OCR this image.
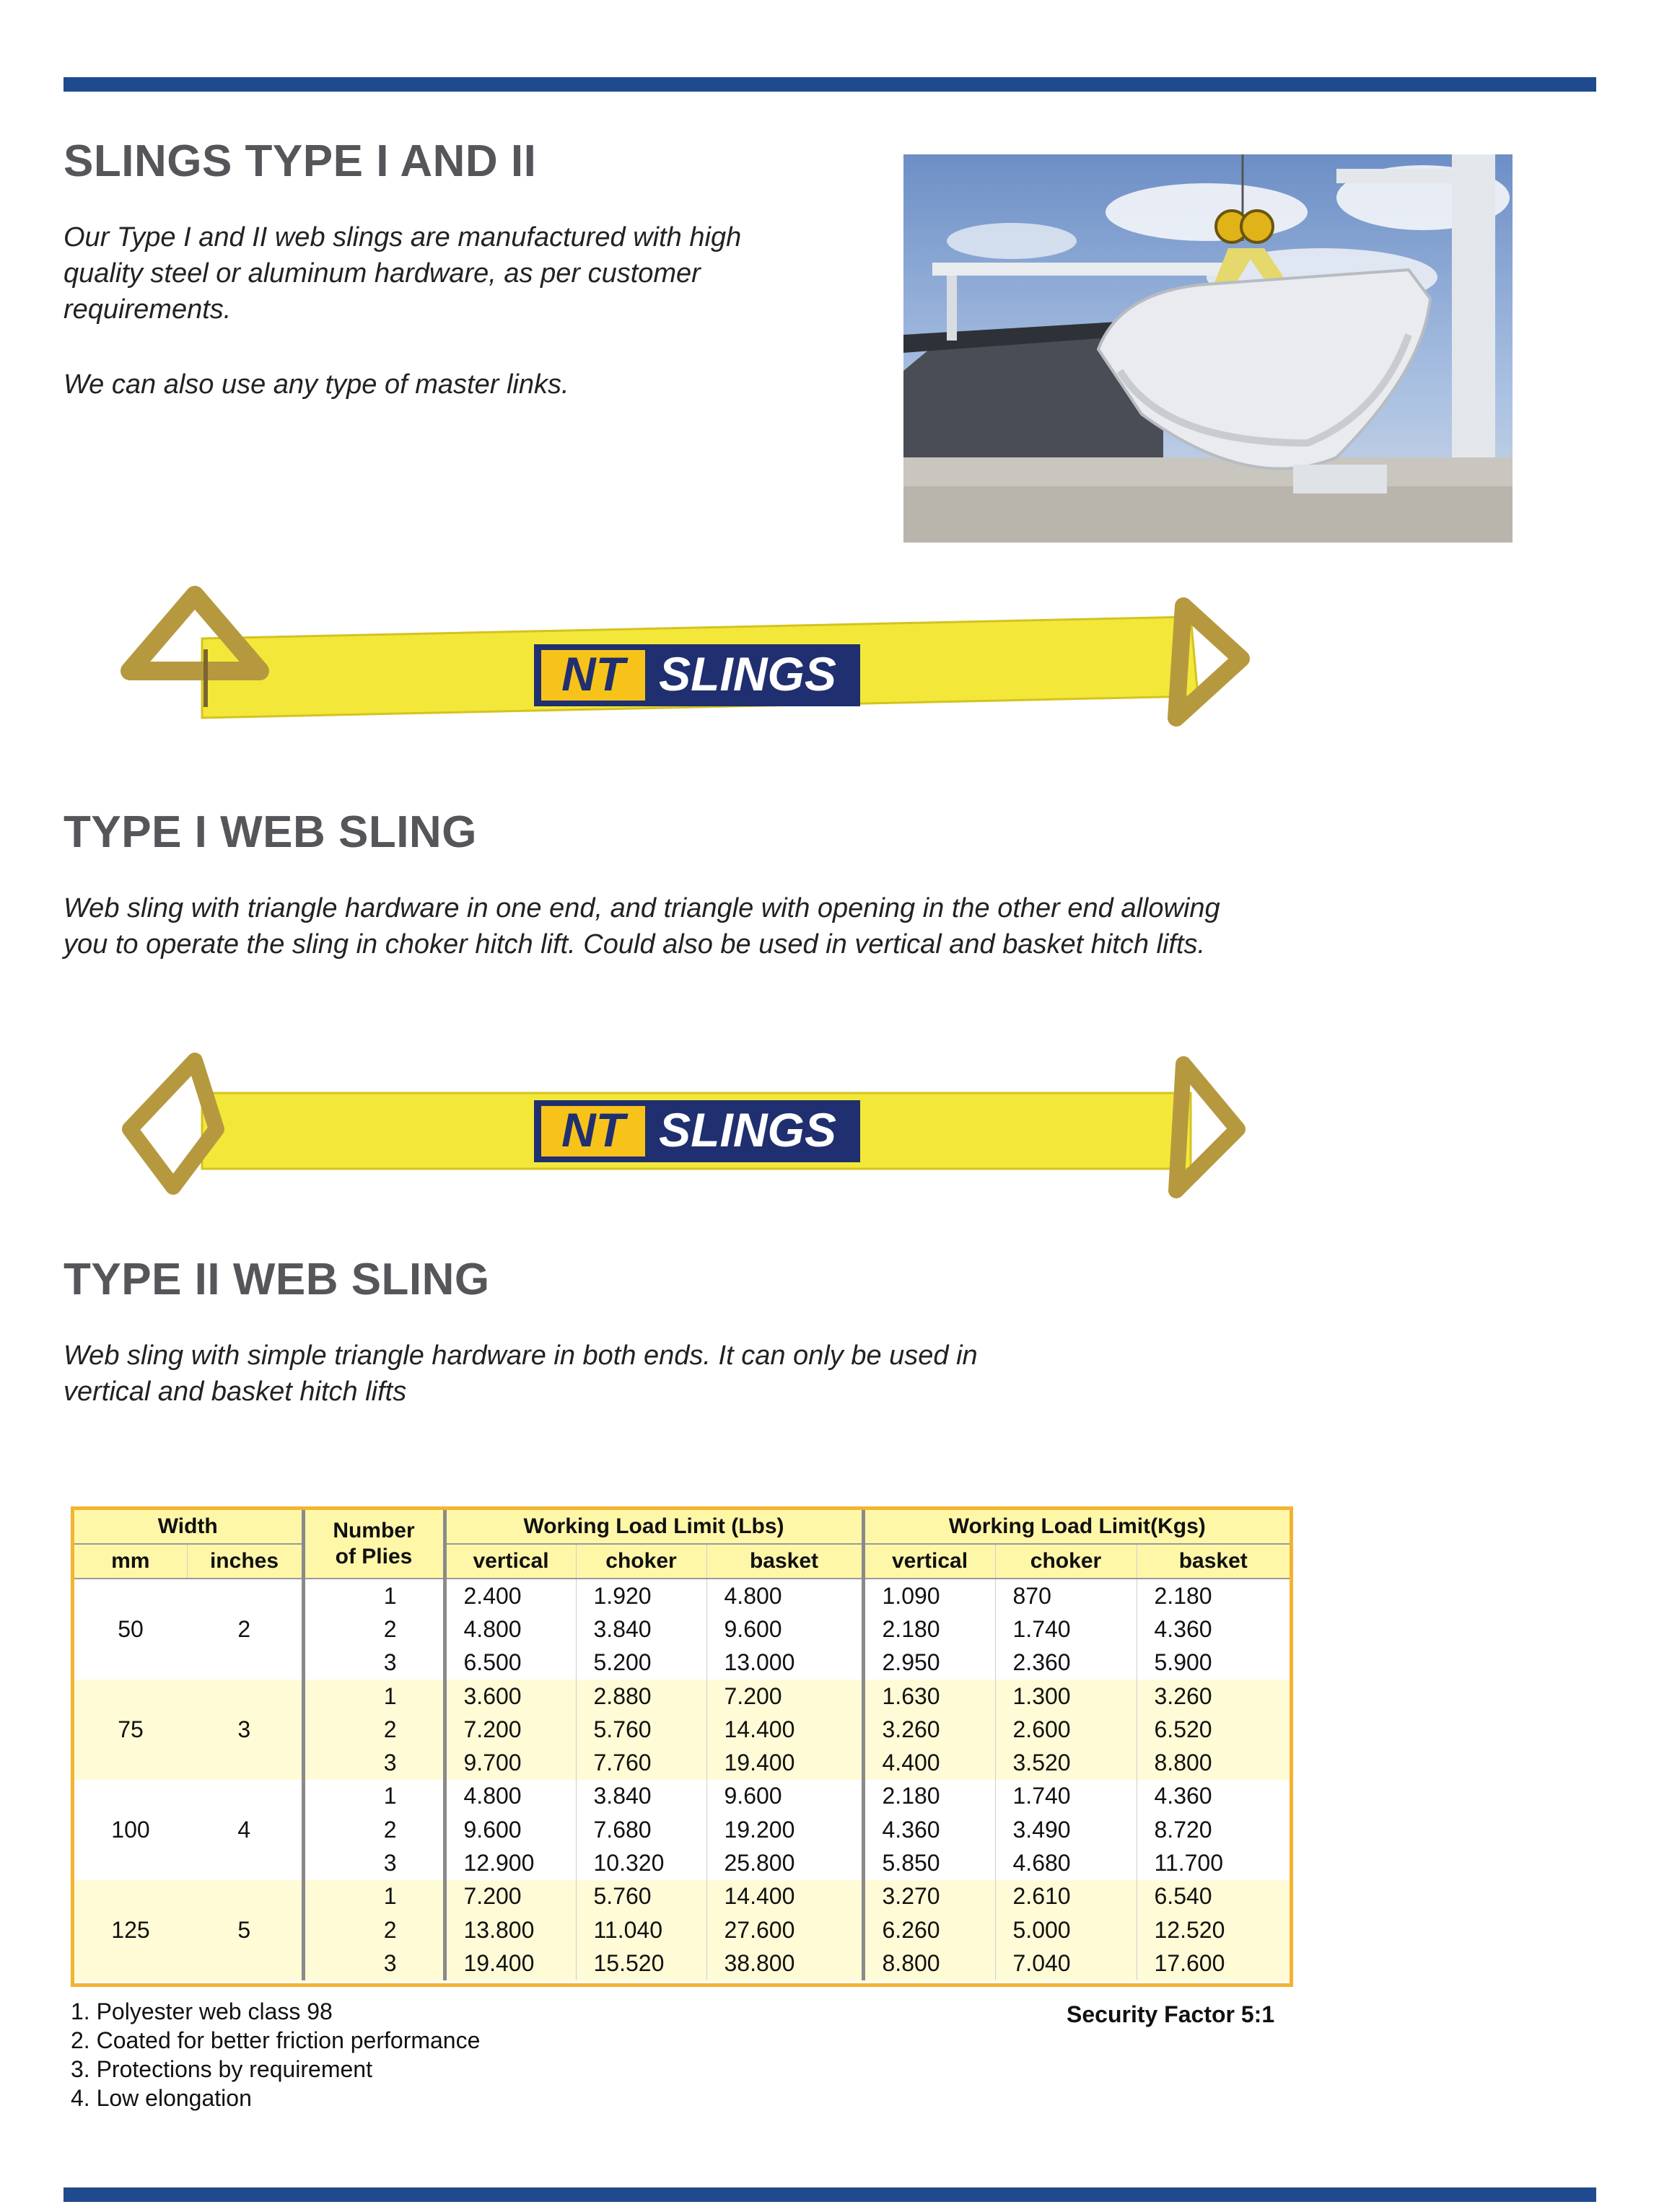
SLINGS TYPE I AND II

Our Type I and II web slings are manufactured with high
quality steel or aluminum hardware, as per customer
requirements.

We can also use any type of master links.

NT SLINGS
TYPE I WEB SLING

Web sling with triangle hardware in one end, and triangle with opening in the other end allowing
you to operate the sling in choker hitch lift. Could also be used in vertical and basket hitch lifts.

NT SLINGS
TYPE II WEB SLING

Web sling with simple triangle hardware in both ends. It can only be used in
vertical and basket hitch lifts

Width		Number of Plies	Working Load Limit (Lbs)			Working Load Limit(Kgs)		
mm	inches		vertical	choker	basket	vertical	choker	basket
50	2	1	2.400	1.920	4.800	1.090	870	2.180
		2	4.800	3.840	9.600	2.180	1.740	4.360
		3	6.500	5.200	13.000	2.950	2.360	5.900
75	3	1	3.600	2.880	7.200	1.630	1.300	3.260
		2	7.200	5.760	14.400	3.260	2.600	6.520
		3	9.700	7.760	19.400	4.400	3.520	8.800
100	4	1	4.800	3.840	9.600	2.180	1.740	4.360
		2	9.600	7.680	19.200	4.360	3.490	8.720
		3	12.900	10.320	25.800	5.850	4.680	11.700
125	5	1	7.200	5.760	14.400	3.270	2.610	6.540
		2	13.800	11.040	27.600	6.260	5.000	12.520
		3	19.400	15.520	38.800	8.800	7.040	17.600
1. Polyester web class 98
2. Coated for better friction performance
3. Protections by requirement
4. Low elongation
Security Factor 5:1
